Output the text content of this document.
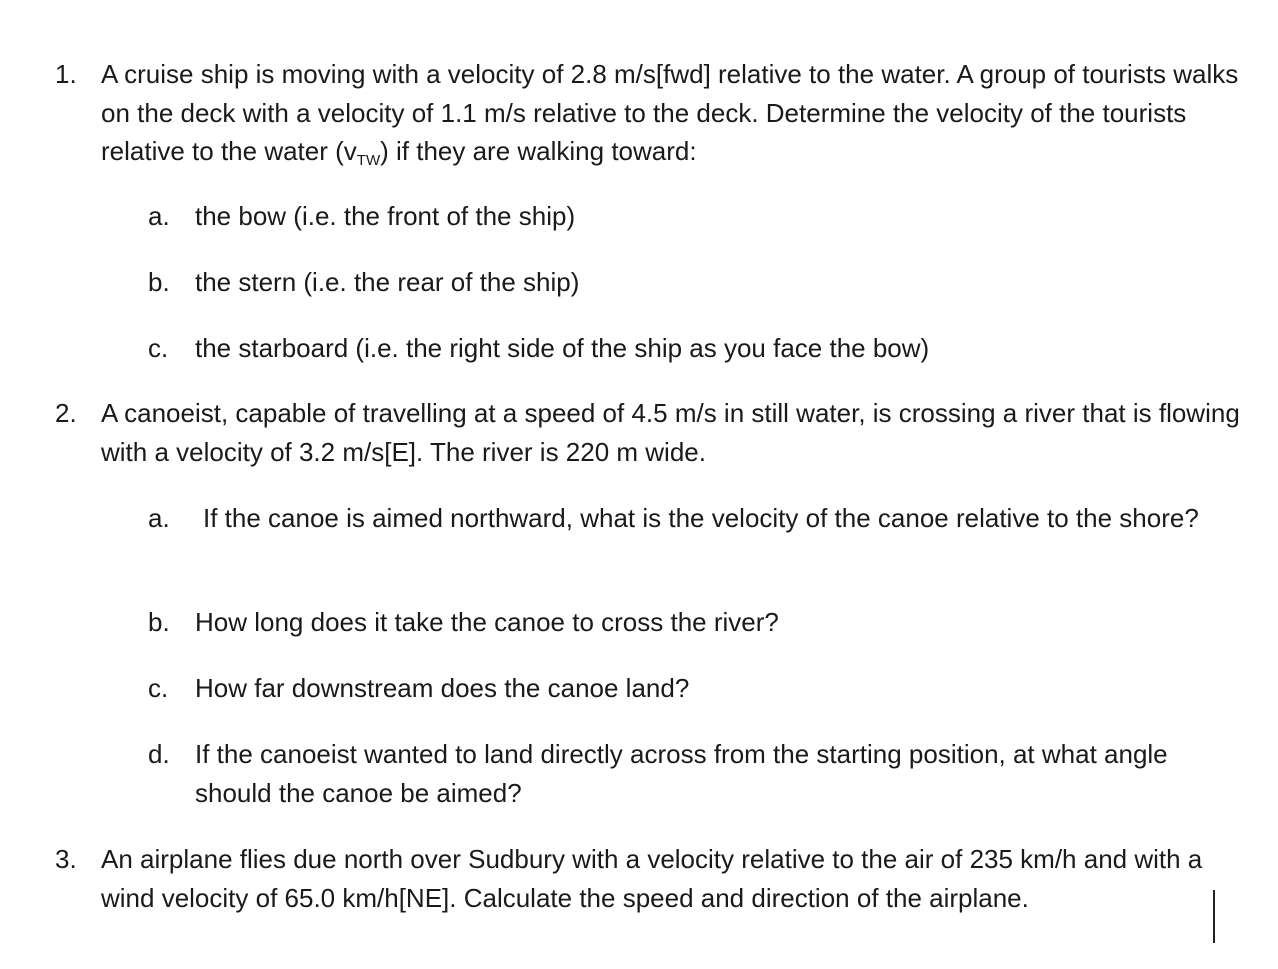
1. A cruise ship is moving with a velocity of 2.8 m/s[fwd] relative to the water. A group of tourists walks on the deck with a velocity of 1.1 m/s relative to the deck. Determine the velocity of the tourists relative to the water $(v_{TW})$ if they are walking toward:
a. the bow (i.e. the front of the ship)
b. the stern (i.e. the rear of the ship)
c. the starboard (i.e. the right side of the ship as you face the bow)
2. A canoeist, capable of travelling at a speed of 4.5 m/s in still water, is crossing a river that is flowing with a velocity of 3.2 m/s[E]. The river is 220 m wide.
a.	If the canoe is aimed northward, what is the velocity of the canoe relative to the shore?
b. How long does it take the canoe to cross the river?
c. How far downstream does the canoe land?
d. If the canoeist wanted to land directly across from the starting position, at what angle should the canoe be aimed?
3. An airplane flies due north over Sudbury with a velocity relative to the air of 235 km/h and with a wind velocity of 65.0 km/h[NE]. Calculate the speed and direction of the airplane.
